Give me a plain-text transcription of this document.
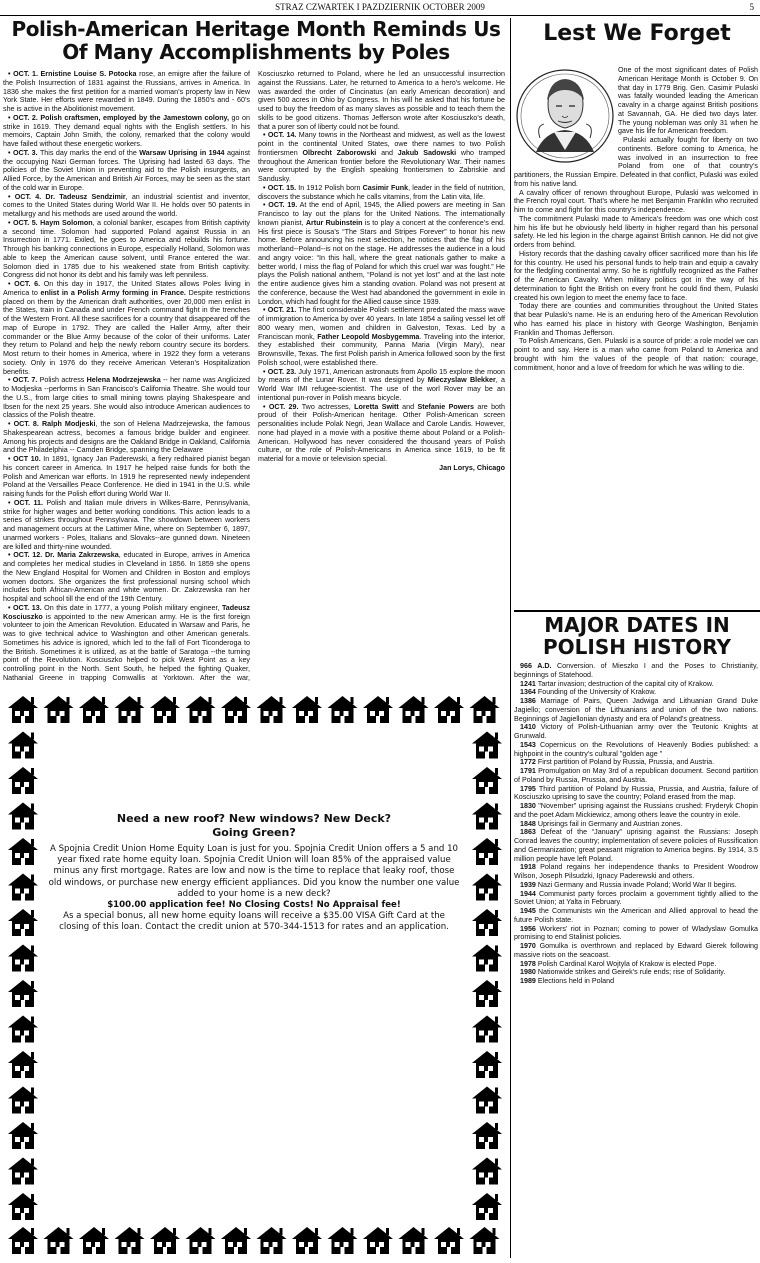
STRAZ CZWARTEK I PAZDZIERNIK OCTOBER 2009	5
Polish-American Heritage Month Reminds Us Of Many Accomplishments by Poles

• OCT. 1. Ernistine Louise S. Potocka rose, an emigre after the failure of the Polish Insurrection of 1831 against the Russians, arrives in America. In 1836 she makes the first petition for a married woman’s property law in New York State. Her efforts were rewarded in 1849. During the 1850’s and - 60’s she is active in the Abolitionist movement.

• OCT. 2. Polish craftsmen, employed by the Jamestown colony, go on strike in 1619. They demand equal rights with the English settlers. In his memoirs, Captain John Smith, the colony, remarked that the colony would have failed without these energetic workers.

• OCT. 3. This day marks the end of the Warsaw Uprising in 1944 against the occupying Nazi German forces. The Uprising had lasted 63 days. The policies of the Soviet Union in preventing aid to the Polish insurgents, an Allied Force, by the American and British Air Forces, may be seen as the start of the cold war in Europe.

• OCT. 4. Dr. Tadeusz Sendzimir, an industrial scientist and inventor, comes to the United States during World War II. He holds over 50 patents in metallurgy and his methods are used around the world.

• OCT. 5. Haym Solomon, a colonial banker, escapes from British captivity a second time. Solomon had supported Poland against Russia in an Insurrection in 1771. Exiled, he goes to America and rebuilds his fortune. Through his banking connections in Europe, especially Holland, Solomon was able to keep the American cause solvent, until France entered the war. Solomon died in 1785 due to his weakened state from British captivity. Congress did not honor its debt and his family was left penniless.

• OCT. 6. On this day in 1917, the United States allows Poles living in America to enlist in a Polish Army forming in France. Despite restrictions placed on them by the American draft authorities, over 20,000 men enlist in the States, train in Canada and under French command fight in the trenches of the Western Front. All these sacrifices for a country that disappeared off the map of Europe in 1792. They are called the Haller Army, after their commander or the Blue Army because of the color of their uniforms. Later they return to Poland and help the newly reborn country secure its borders. Most return to their homes in America, where in 1922 they form a veterans society. Only in 1976 do they receive American Veteran’s Hospitalization benefits.

• OCT. 7. Polish actress Helena Modrzejewska -- her name was Anglicized to Modjeska --performs in San Francisco’s California Theatre. She would tour the U.S., from large cities to small mining towns playing Shakespeare and Ibsen for the next 25 years. She would also introduce American audiences to classics of the Polish theatre.

• OCT. 8. Ralph Modjeski, the son of Helena Madrzejewska, the famous Shakespearean actress, becomes a famous bridge builder and engineer. Among his projects and designs are the Oakland Bridge in Oakland, California and the Philadelphia -- Camden Bridge, spanning the Delaware

• OCT 10. In 1891, Ignacy Jan Paderewski, a fiery redhaired pianist began his concert career in America. In 1917 he helped raise funds for both the Polish and American war efforts. In 1919 he represented newly independent Poland at the Versailles Peace Conference. He died in 1941 in the U.S. while raising funds for the Polish effort during World War II.

• OCT. 11. Polish and Italian mule drivers in Wilkes-Barre, Pennsylvania, strike for higher wages and better working conditions. This action leads to a series of strikes throughout Pennsylvania. The showdown between workers and management occurs at the Lattimer Mine, where on September 6, 1897, unarmed workers - Poles, Italians and Slovaks--are gunned down. Nineteen are killed and thirty-nine wounded.

• OCT. 12. Dr. Maria Zakrzewska, educated in Europe, arrives in America and completes her medical studies in Cleveland in 1856. In 1859 she opens the New England Hospital for Women and Children in Boston and employs women doctors. She organizes the first professional nursing school which includes both African-American and white women. Dr. Zakrzewska ran her hospital and school till the end of the 19th Century.

• OCT. 13. On this date in 1777, a young Polish military engineer, Tadeusz Kosciuszko is appointed to the new American army. He is the first foreign volunteer to join the American Revolution. Educated in Warsaw and Paris, he was to give technical advice to Washington and other American generals. Sometimes his advice is ignored, which led to the fall of Fort Ticonderoga to the British. Sometimes it is utilized, as at the battle of Saratoga --the turning point of the Revolution. Kosciuszko helped to pick West Point as a key controlling point in the North. Sent South, he helped the fighting Quaker, Nathanial Greene in trapping Cornwallis at Yorktown. After the war, Kosciuszko returned to Poland, where he led an unsuccessful insurrection against the Russians. Later, he returned to America to a hero’s welcome. He was awarded the order of Cincinatus (an early American decoration) and given 500 acres in Ohio by Congress. In his will he asked that his fortune be used to buy the freedom of as many slaves as possible and to teach them the skills to be good citizens. Thomas Jefferson wrote after Kosciuszko’s death, that a purer son of liberty could not be found.

• OCT. 14. Many towns in the Northeast and midwest, as well as the lowest point in the continental United States, owe there names to two Polish frontiersmen Olbrecht Zaborowski and Jakub Sadowski who tramped throughout the American frontier before the Revolutionary War. Their names were corrupted by the English speaking frontiersmen to Zabriskie and Sandusky.

• OCT. 15. In 1912 Polish born Casimir Funk, leader in the field of nutrition, discovers the substance which he calls vitamins, from the Latin vita, life.

• OCT. 19. At the end of April, 1945, the Allied powers are meeting in San Francisco to lay out the plans for the United Nations. The internationally known pianist, Artur Rubinstein is to play a concert at the conference’s end. His first piece is Sousa’s “The Stars and Stripes Forever” to honor his new home. Before announcing his next selection, he notices that the flag of his motherland--Poland--is not on the stage. He addresses the audience in a loud and angry voice: “In this hall, where the great nationals gather to make a better world, I miss the flag of Poland for which this cruel war was fought.” He plays the Polish national anthem, “Poland is not yet lost” and at the last note the entire audience gives him a standing ovation. Poland was not present at the conference, because the West had abandoned the government in exile in London, which had fought for the Allied cause since 1939.

• OCT. 21. The first considerable Polish settlement predated the mass wave of immigration to America by over 40 years. In late 1854 a sailing vessel let off 800 weary men, women and children in Galveston, Texas. Led by a Franciscan monk, Father Leopold Mosbygemma. Traveling into the interior, they established their community, Panna Maria (Virgin Mary), near Brownsville, Texas. The first Polish parish in America followed soon by the first Polish school, were established there.

• OCT. 23. July 1971, American astronauts from Apollo 15 explore the moon by means of the Lunar Rover. It was designed by Mieczyslaw Blekker, a World War IMI refugee-scientist. The use of the worl Rover may be an intentional pun-rover in Polish means bicycle.

• OCT. 29. Two actresses, Loretta Switt and Stefanie Powers are both proud of their Polish-American heritage. Other Polish-American screen personalities include Polak Negri, Jean Wallace and Carole Landis. However, none had played in a movie with a positive theme about Poland or a Polish-American. Hollywood has never considered the thousand years of Polish culture, or the role of Polish-Americans in America since 1619, to be fit material for a movie or television special.

Jan Lorys, Chicago

Lest We Forget

One of the most significant dates of Polish American Heritage Month is October 9. On that day in 1779 Brig. Gen. Casimir Pulaski was fatally wounded leading the American cavalry in a charge against British positions at Savannah, GA. He died two days later. The young nobleman was only 31 when he gave his life for American freedom.

Pulaski actually fought for liberty on two continents. Before coming to America, he was involved in an insurrection to free Poland from one of that country’s partitioners, the Russian Empire. Defeated in that conflict, Pulaski was exiled from his native land.

A cavalry officer of renown throughout Europe, Pulaski was welcomed in the French royal court. That’s where he met Benjamin Franklin who recruited him to come and fight for this country’s independence.

The commitment Pulaski made to America’s freedom was one which cost him his life but he obviously held liberty in higher regard than his personal safety. He led his legion in the charge against British cannon. He did not give orders from behind.

History records that the dashing cavalry officer sacrificed more than his life for this country. He used his personal funds to help train and equip a cavalry for the fledgling continental army. So he is rightfully recognized as the Father of the American Cavalry. When military politics got in the way of his determination to fight the British on every front he could find them, Pulaski created his own legion to meet the enemy face to face.

Today there are counties and communities throughout the United States that bear Pulaski’s name. He is an enduring hero of the American Revolution who has earned his place in history with George Washington, Benjamin Franklin and Thomas Jefferson.

To Polish Americans, Gen. Pulaski is a source of pride: a role model we can point to and say. Here is a man who came from Poland to America and brought with him the values of the people of that nation: courage, commitment, honor and a love of freedom for which he was willing to die.

MAJOR DATES IN
POLISH HISTORY

966 A.D. Conversion. of Mieszko I and the Poses to Christianity, beginnings of Statehood.

1241 Tartar invasion; destruction of the capital city of Krakow.

1364 Founding of the University of Krakow.

1386 Marriage of Pairs, Queen Jadwiga and Lithuanian Grand Duke Jagiello; conversion of the Lithuanians and union of the two nations. Beginnings of Jagiellonian dynasty and era of Poland’s greatness.

1410 Victory of Polish-Lithuanian army over the Teutonic Knights at Grunwald.

1543 Copernicus on the Revolutions of Heavenly Bodies published: a highpoint in the country’s cultural "golden age "

1772 First partition of Poland by Russia, Prussia, and Austria.

1791 Promulgation on May 3rd of a republican document. Second partition of Poland by Russia, Prussia, and Austria.

1795 Third partition of Poland by Russia, Prussia, and Austria, failure of Kosciuszko uprising to save the country; Poland erased from the map.

1830 "November" uprising against the Russians crushed: Fryderyk Chopin and the poet Adam Mickiewicz, among others leave the country in exile.

1848 Uprisings fail in Germany and Austrian zones.

1863 Defeat of the “January” uprising against the Russians: Joseph Conrad leaves the country; implementation of severe policies of Russification and Germanization; great peasant migration to America begins. By 1914, 3.5 million people have left Poland.

1918 Poland regains her independence thanks to President Woodrow Wilson, Joseph Pilsudzki, Ignacy Paderewski and others.

1939 Nazi Germany and Russia invade Poland; World War II begins.

1944 Communist party forces proclaim a government tightly allied to the Soviet Union; at Yalta in February.

1945 the Communists win the American and Allied approval to head the future Polish state.

1956 Workers’ riot in Poznan; coming to power of Wladyslaw Gomulka promising to end Stalinist policies.

1970 Gomulka is overthrown and replaced by Edward Gierek following massive riots on the seacoast.

1978 Polish Cardinal Karol Wojtyla of Krakow is elected Pope.

1980 Nationwide strikes and Geirek’s rule ends; rise of Solidarity.

1989 Elections held in Poland

Need a new roof? New windows? New Deck?
Going Green?
A Spojnia Credit Union Home Equity Loan is just for you. Spojnia Credit Union offers a 5 and 10 year fixed rate home equity loan. Spojnia Credit Union will loan 85% of the appraised value minus any first mortgage. Rates are low and now is the time to replace that leaky roof, those old windows, or purchase new energy efficient appliances. Did you know the number one value added to your home is a new deck?
$100.00 application fee! No Closing Costs! No Appraisal fee!
As a special bonus, all new home equity loans will receive a $35.00 VISA Gift Card at the closing of this loan. Contact the credit union at 570-344-1513 for rates and an application.
